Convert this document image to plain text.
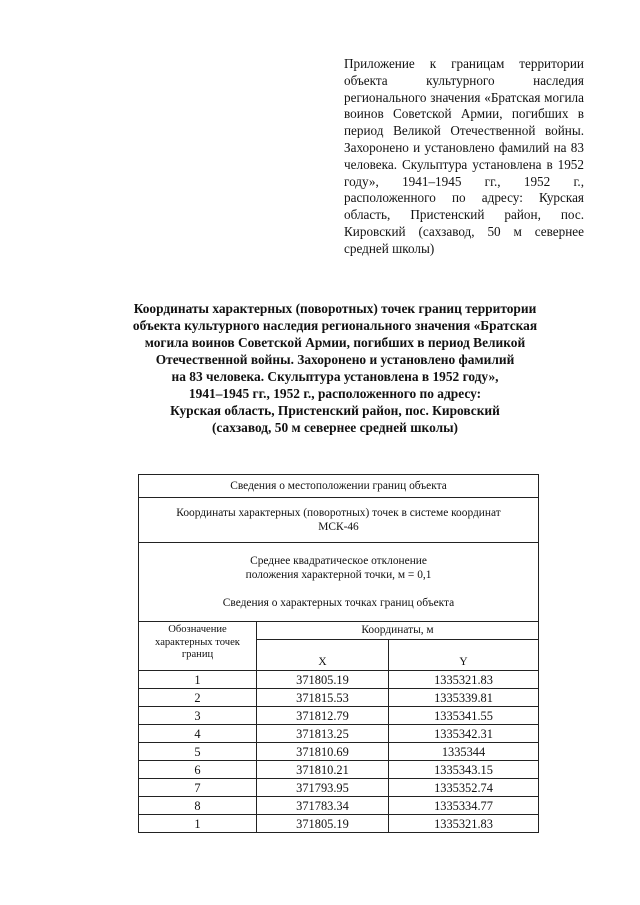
Приложение к границам территории объекта культурного наследия регионального значения «Братская могила воинов Советской Армии, погибших в период Великой Отечественной войны. Захоронено и установлено фамилий на 83 человека. Скульптура установлена в 1952 году», 1941–1945 гг., 1952 г., расположенного по адресу: Курская область, Пристенский район, пос. Кировский (сахзавод, 50 м севернее средней школы)
Координаты характерных (поворотных) точек границ территории
объекта культурного наследия регионального значения «Братская
могила воинов Советской Армии, погибших в период Великой
Отечественной войны. Захоронено и установлено фамилий
на 83 человека. Скульптура установлена в 1952 году»,
1941–1945 гг., 1952 г., расположенного по адресу:
Курская область, Пристенский район, пос. Кировский
(сахзавод, 50 м севернее средней школы)
Сведения о местоположении границ объекта		
Координаты характерных (поворотных) точек в системе координат МСК-46		

Среднее квадратическое отклонение
положения характерной точки, м = 0,1
Сведения о характерных точках границ объекта		

Обозначение характерных точек границ	Координаты, м	
	X	Y
1	371805.19	1335321.83
2	371815.53	1335339.81
3	371812.79	1335341.55
4	371813.25	1335342.31
5	371810.69	1335344
6	371810.21	1335343.15
7	371793.95	1335352.74
8	371783.34	1335334.77
1	371805.19	1335321.83
